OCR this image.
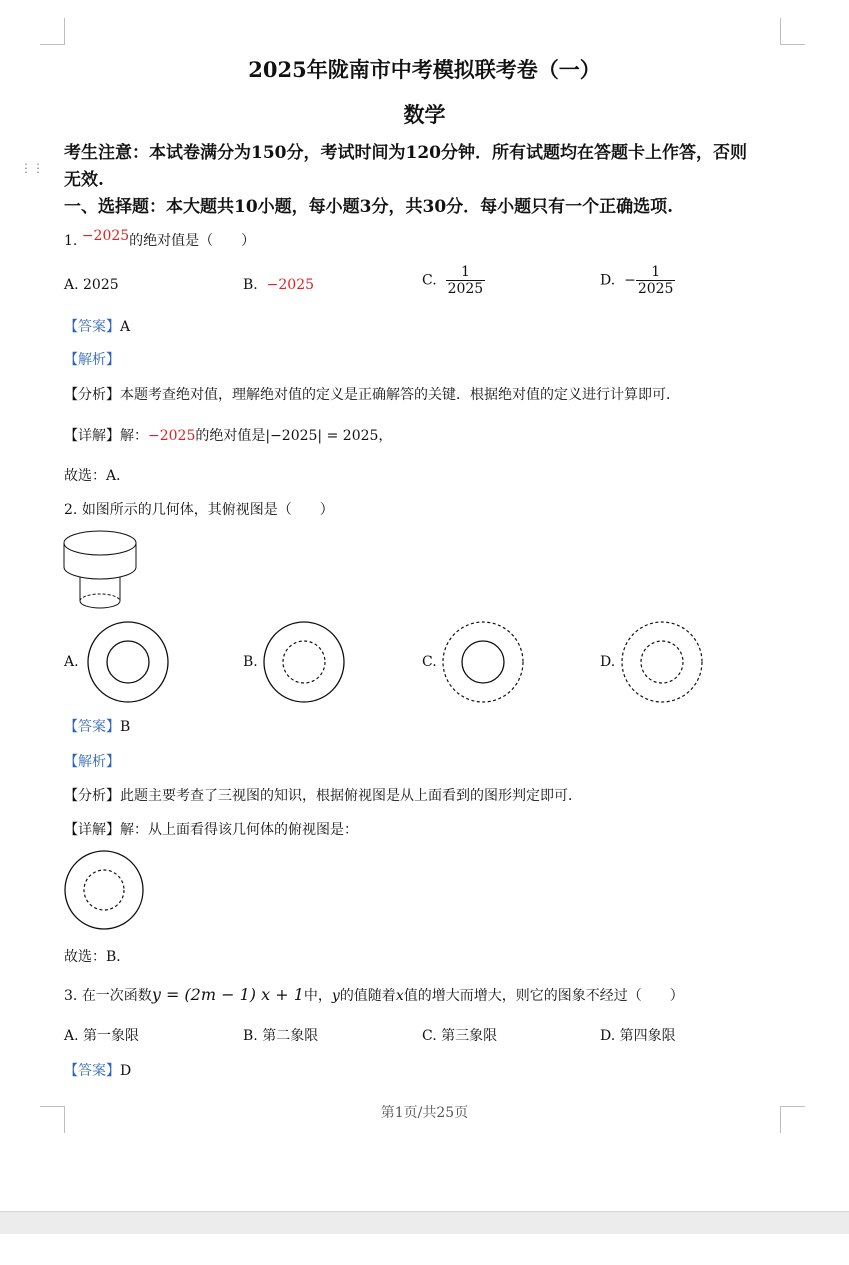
⋮⋮
2025年陇南市中考模拟联考卷（一）
数学
考生注意：本试卷满分为150分，考试时间为120分钟．所有试题均在答题卡上作答，否则
无效.
一、选择题：本大题共10小题，每小题3分，共30分．每小题只有一个正确选项.
1. −2025的绝对值是（　　）
A. 2025	B. −2025	C. $\frac{1}{2025}$	D. − $\frac{1}{2025}$
【答案】A
【解析】
【分析】本题考查绝对值，理解绝对值的定义是正确解答的关键．根据绝对值的定义进行计算即可．
【详解】解：−2025的绝对值是|−2025| = 2025，
故选：A．
2. 如图所示的几何体，其俯视图是（　　）
A.	B.	C.	D.
【答案】B
【解析】
【分析】此题主要考查了三视图的知识，根据俯视图是从上面看到的图形判定即可．
【详解】解：从上面看得该几何体的俯视图是：
故选：B．
3. 在一次函数y = (2m − 1) x + 1中，y的值随着x值的增大而增大，则它的图象不经过（　　）
A. 第一象限	B. 第二象限	C. 第三象限	D. 第四象限
【答案】D
第1页/共25页
